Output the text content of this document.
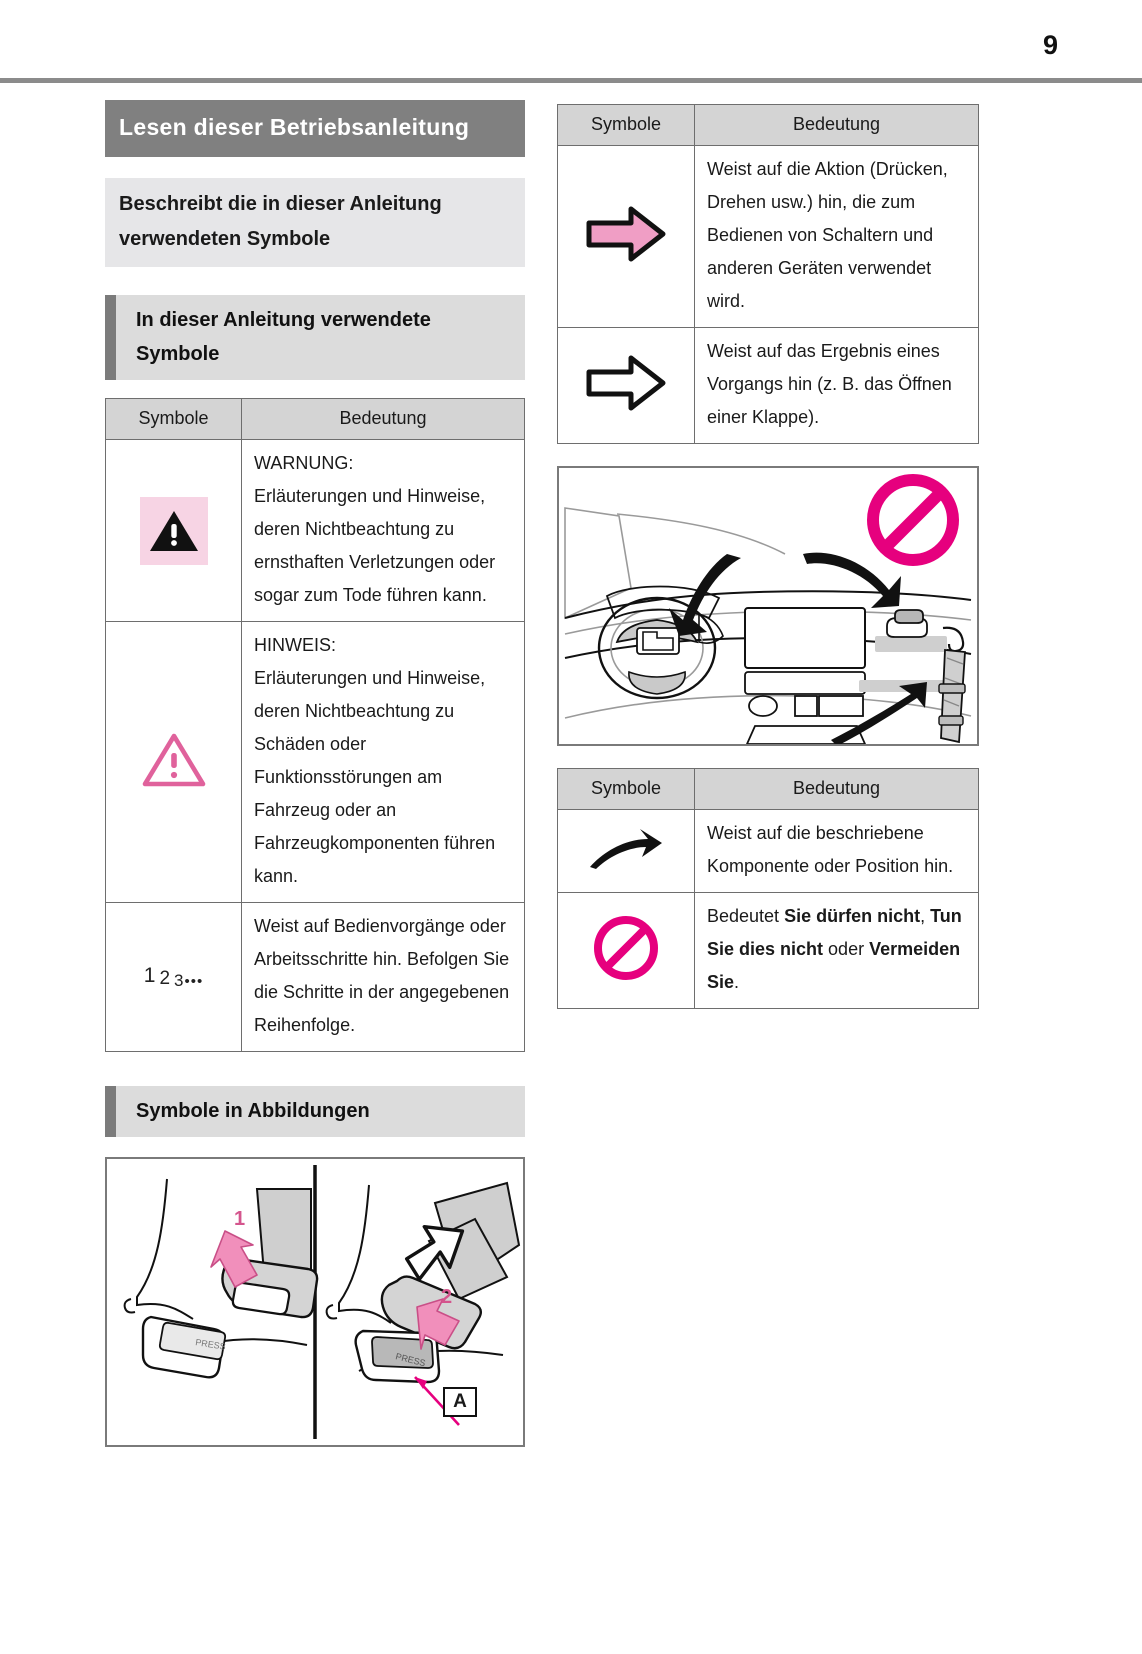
9
Lesen dieser Betriebsanleitung
Beschreibt die in dieser Anleitung verwendeten Symbole
In dieser Anleitung verwendete Symbole
Symbole	Bedeutung

WARNUNG:
Erläuterungen und Hinweise, deren Nichtbeachtung zu ernsthaften Verletzungen oder sogar zum Tode führen kann.

HINWEIS:
Erläuterungen und Hinweise, deren Nichtbeachtung zu Schäden oder Funktionsstörungen am Fahrzeug oder an Fahrzeugkomponenten führen kann.

1 2 $_{3•••}$	Weist auf Bedienvorgänge oder Arbeitsschritte hin. Befolgen Sie die Schritte in der angegebenen Reihenfolge.
Symbole in Abbildungen
PRESS
1
PRESS
2
A
Symbole	Bedeutung

Weist auf die Aktion (Drücken, Drehen usw.) hin, die zum Bedienen von Schaltern und anderen Geräten verwendet wird.

Weist auf das Ergebnis eines Vorgangs hin (z. B. das Öffnen einer Klappe).
Symbole	Bedeutung

Weist auf die beschriebene Komponente oder Position hin.

	Bedeutet Sie dürfen nicht, Tun Sie dies nicht oder Vermeiden Sie.
